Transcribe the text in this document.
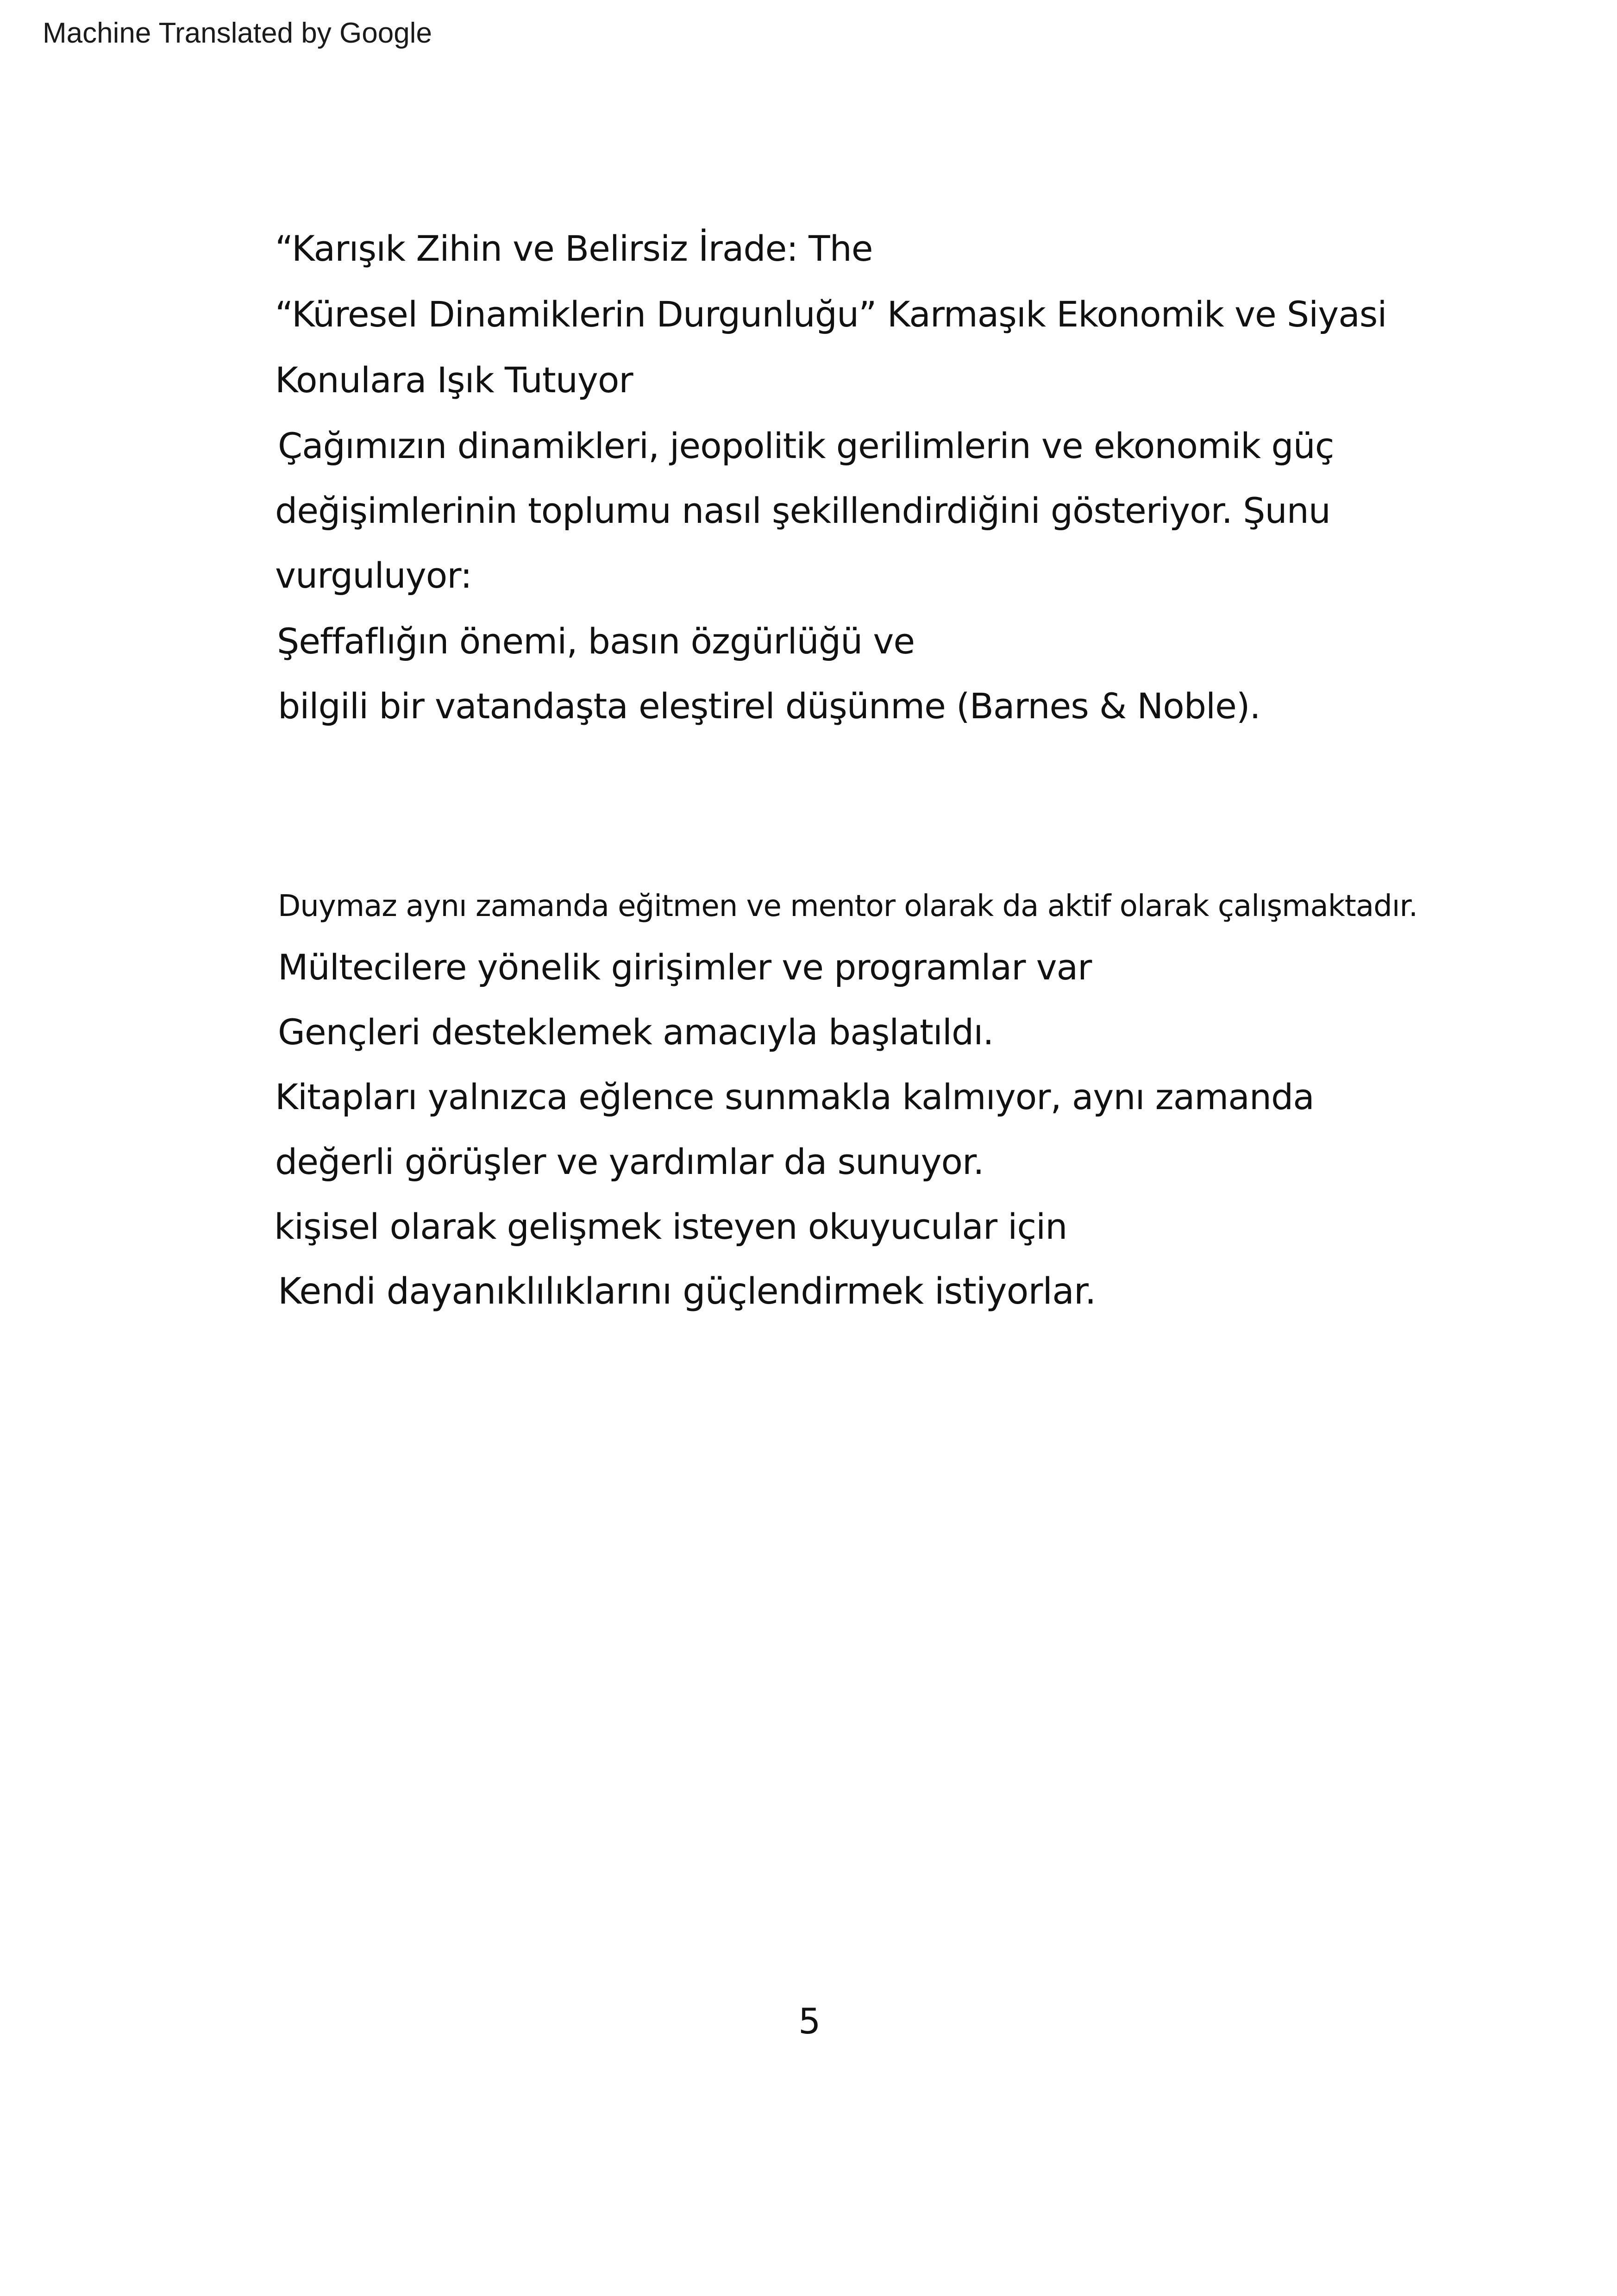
Machine Translated by Google
“Karışık Zihin ve Belirsiz İrade: The
“Küresel Dinamiklerin Durgunluğu” Karmaşık Ekonomik ve Siyasi
Konulara Işık Tutuyor
Çağımızın dinamikleri, jeopolitik gerilimlerin ve ekonomik güç
değişimlerinin toplumu nasıl şekillendirdiğini gösteriyor. Şunu
vurguluyor:
Şeffaflığın önemi, basın özgürlüğü ve
bilgili bir vatandaşta eleştirel düşünme (Barnes & Noble).
Duymaz aynı zamanda eğitmen ve mentor olarak da aktif olarak çalışmaktadır.
Mültecilere yönelik girişimler ve programlar var
Gençleri desteklemek amacıyla başlatıldı.
Kitapları yalnızca eğlence sunmakla kalmıyor, aynı zamanda
değerli görüşler ve yardımlar da sunuyor.
kişisel olarak gelişmek isteyen okuyucular için
Kendi dayanıklılıklarını güçlendirmek istiyorlar.
5
